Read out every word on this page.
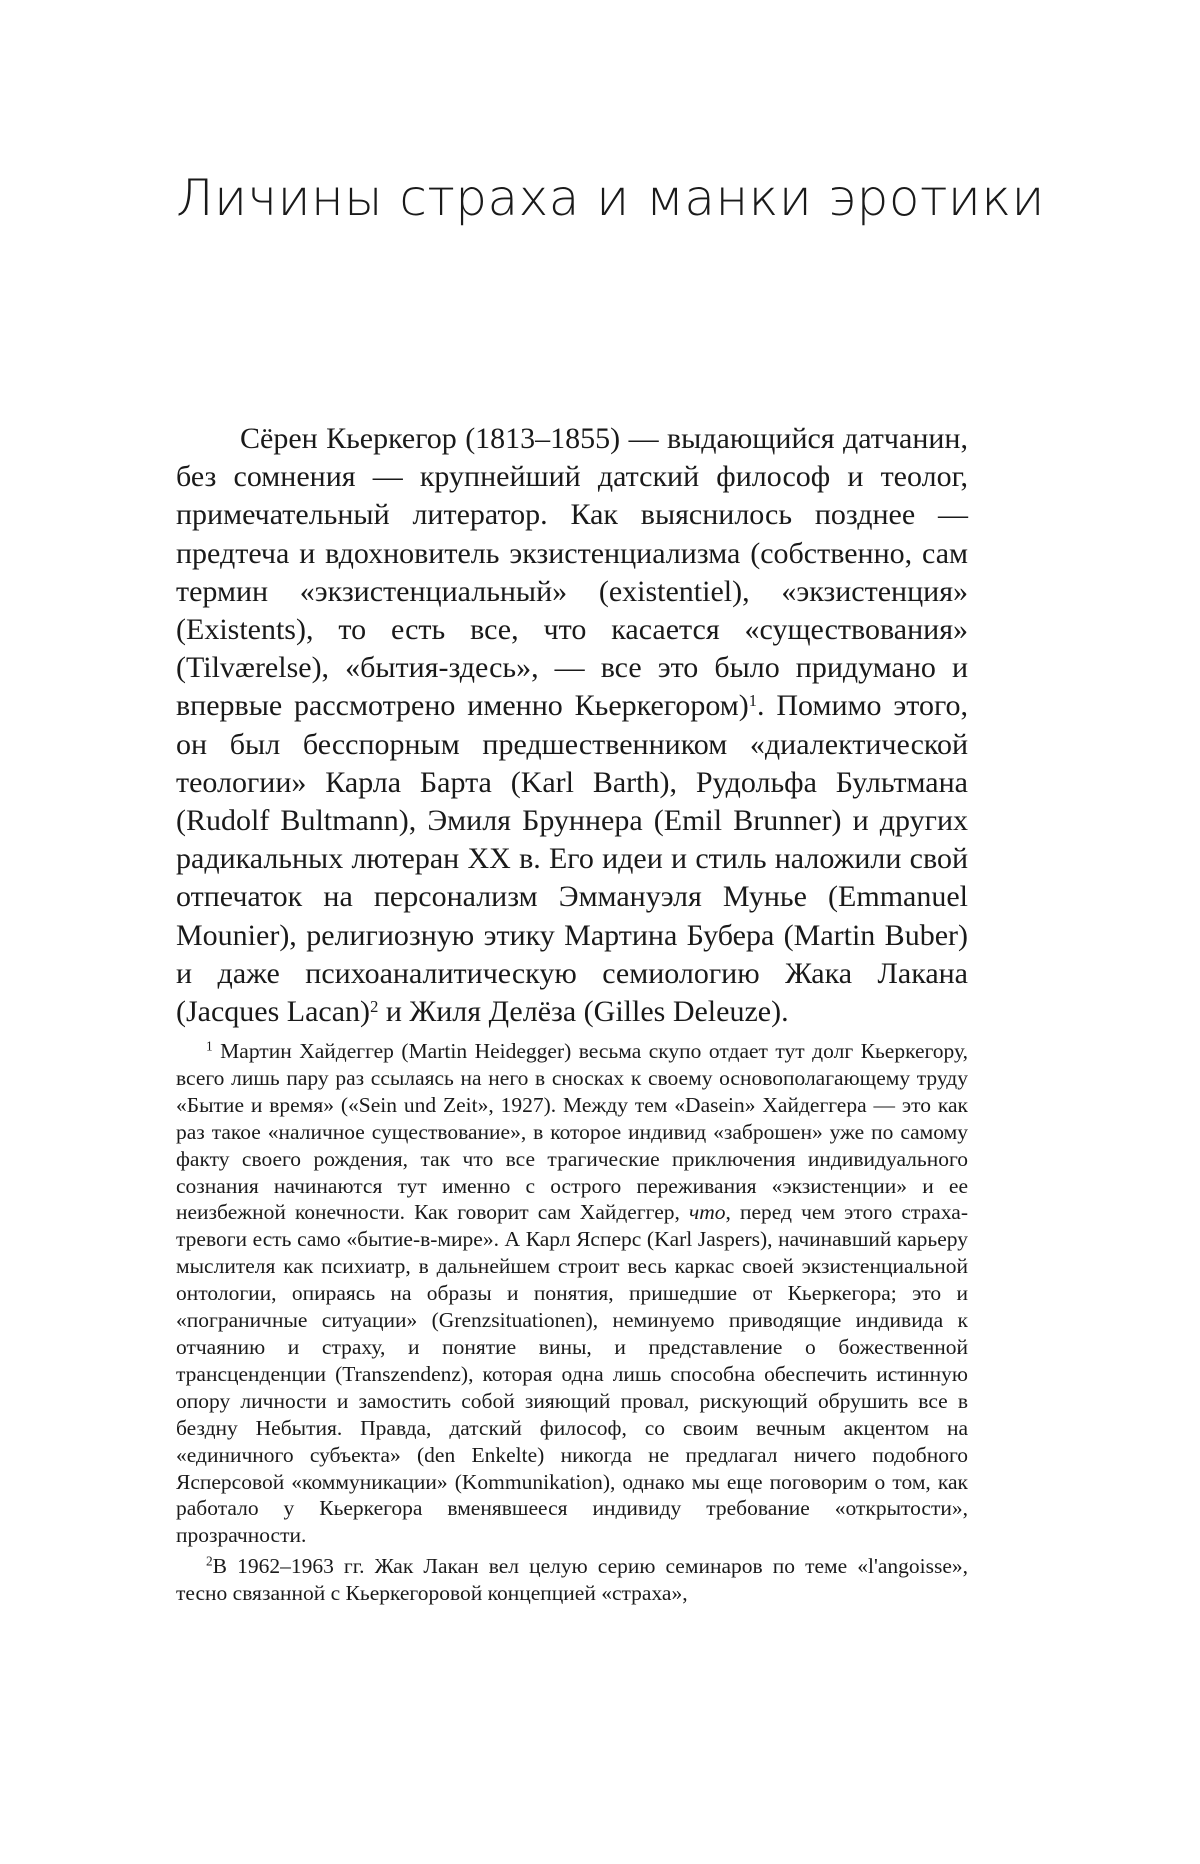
Личины страха и манки эротики

Сёрен Кьеркегор (1813–1855) — выдающийся датчанин, без сомнения — крупнейший датский философ и теолог, примечательный литератор. Как выяснилось позднее — предтеча и вдохновитель экзистенциализма (собственно, сам термин «экзистенциальный» (existentiel), «экзистенция» (Existents), то есть все, что касается «существования» (Tilværelse), «бытия-здесь», — все это было придумано и впервые рассмотрено именно Кьеркегором)$^1$. Помимо этого, он был бесспорным предшественником «диалектической теологии» Карла Барта (Karl Barth), Рудольфа Бультмана (Rudolf Bultmann), Эмиля Бруннера (Emil Brunner) и других радикальных лютеран XX в. Его идеи и стиль наложили свой отпечаток на персонализм Эммануэля Мунье (Emmanuel Mounier), религиозную этику Мартина Бубера (Martin Buber) и даже психоаналитическую семиологию Жака Лакана (Jacques Lacan)$^2$ и Жиля Делёза (Gilles Deleuze).

$^1$ Мартин Хайдеггер (Martin Heidegger) весьма скупо отдает тут долг Кьеркегору, всего лишь пару раз ссылаясь на него в сносках к своему основополагающему труду «Бытие и время» («Sein und Zeit», 1927). Между тем «Dasein» Хайдеггера — это как раз такое «наличное существование», в которое индивид «заброшен» уже по самому факту своего рождения, так что все трагические приключения индивидуального сознания начинаются тут именно с острого переживания «экзистенции» и ее неизбежной конечности. Как говорит сам Хайдеггер, что, перед чем этого страха-тревоги есть само «бытие-в-мире». А Карл Ясперс (Karl Jaspers), начинавший карьеру мыслителя как психиатр, в дальнейшем строит весь каркас своей экзистенциальной онтологии, опираясь на образы и понятия, пришедшие от Кьеркегора; это и «пограничные ситуации» (Grenzsituationen), неминуемо приводящие индивида к отчаянию и страху, и понятие вины, и представление о божественной трансценденции (Transzendenz), которая одна лишь способна обеспечить истинную опору личности и замостить собой зияющий провал, рискующий обрушить все в бездну Небытия. Правда, датский философ, со своим вечным акцентом на «единичного субъекта» (den Enkelte) никогда не предлагал ничего подобного Ясперсовой «коммуникации» (Kommunikation), однако мы еще поговорим о том, как работало у Кьеркегора вменявшееся индивиду требование «открытости», прозрачности.

$^2$В 1962–1963 гг. Жак Лакан вел целую серию семинаров по теме «l'angoisse», тесно связанной с Кьеркегоровой концепцией «страха»,
